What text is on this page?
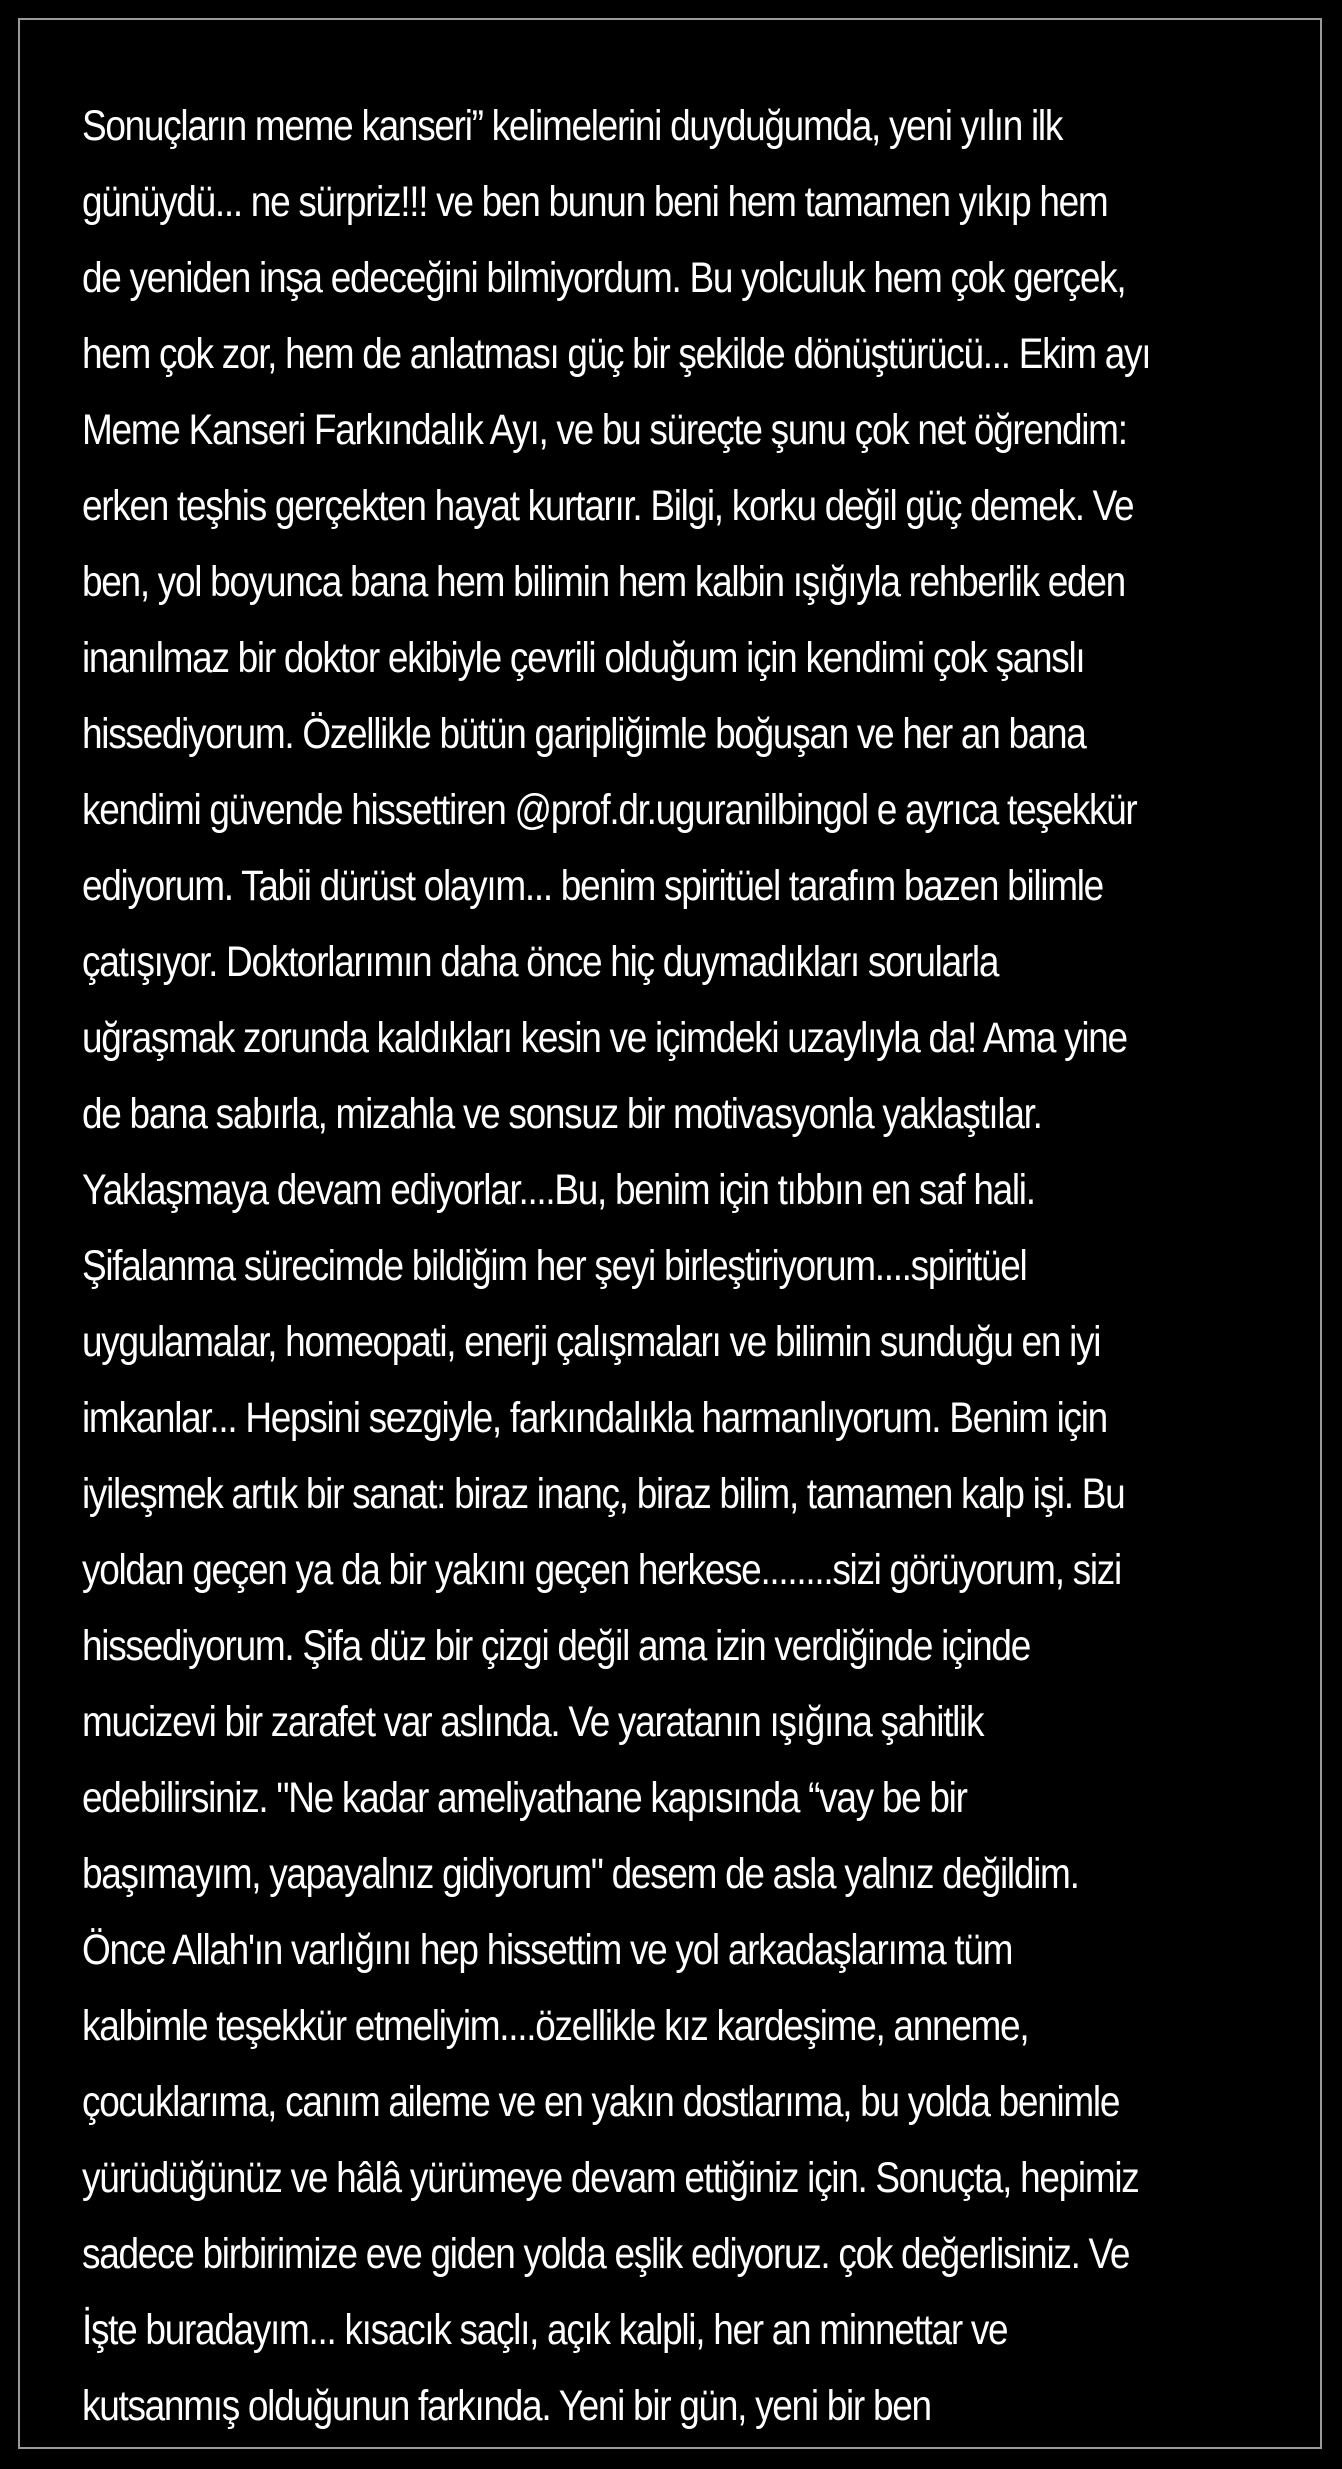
Sonuçların meme kanseri” kelimelerini duyduğumda, yeni yılın ilk
günüydü... ne sürpriz!!! ve ben bunun beni hem tamamen yıkıp hem
de yeniden inşa edeceğini bilmiyordum. Bu yolculuk hem çok gerçek,
hem çok zor, hem de anlatması güç bir şekilde dönüştürücü... Ekim ayı
Meme Kanseri Farkındalık Ayı, ve bu süreçte şunu çok net öğrendim:
erken teşhis gerçekten hayat kurtarır. Bilgi, korku değil güç demek. Ve
ben, yol boyunca bana hem bilimin hem kalbin ışığıyla rehberlik eden
inanılmaz bir doktor ekibiyle çevrili olduğum için kendimi çok şanslı
hissediyorum. Özellikle bütün garipliğimle boğuşan ve her an bana
kendimi güvende hissettiren @prof.dr.uguranilbingol e ayrıca teşekkür
ediyorum. Tabii dürüst olayım... benim spiritüel tarafım bazen bilimle
çatışıyor. Doktorlarımın daha önce hiç duymadıkları sorularla
uğraşmak zorunda kaldıkları kesin ve içimdeki uzaylıyla da! Ama yine
de bana sabırla, mizahla ve sonsuz bir motivasyonla yaklaştılar.
Yaklaşmaya devam ediyorlar....Bu, benim için tıbbın en saf hali.
Şifalanma sürecimde bildiğim her şeyi birleştiriyorum....spiritüel
uygulamalar, homeopati, enerji çalışmaları ve bilimin sunduğu en iyi
imkanlar... Hepsini sezgiyle, farkındalıkla harmanlıyorum. Benim için
iyileşmek artık bir sanat: biraz inanç, biraz bilim, tamamen kalp işi. Bu
yoldan geçen ya da bir yakını geçen herkese........sizi görüyorum, sizi
hissediyorum. Şifa düz bir çizgi değil ama izin verdiğinde içinde
mucizevi bir zarafet var aslında. Ve yaratanın ışığına şahitlik
edebilirsiniz. "Ne kadar ameliyathane kapısında “vay be bir
başımayım, yapayalnız gidiyorum" desem de asla yalnız değildim.
Önce Allah'ın varlığını hep hissettim ve yol arkadaşlarıma tüm
kalbimle teşekkür etmeliyim....özellikle kız kardeşime, anneme,
çocuklarıma, canım aileme ve en yakın dostlarıma, bu yolda benimle
yürüdüğünüz ve hâlâ yürümeye devam ettiğiniz için. Sonuçta, hepimiz
sadece birbirimize eve giden yolda eşlik ediyoruz. çok değerlisiniz. Ve
İşte buradayım... kısacık saçlı, açık kalpli, her an minnettar ve
kutsanmış olduğunun farkında. Yeni bir gün, yeni bir ben
